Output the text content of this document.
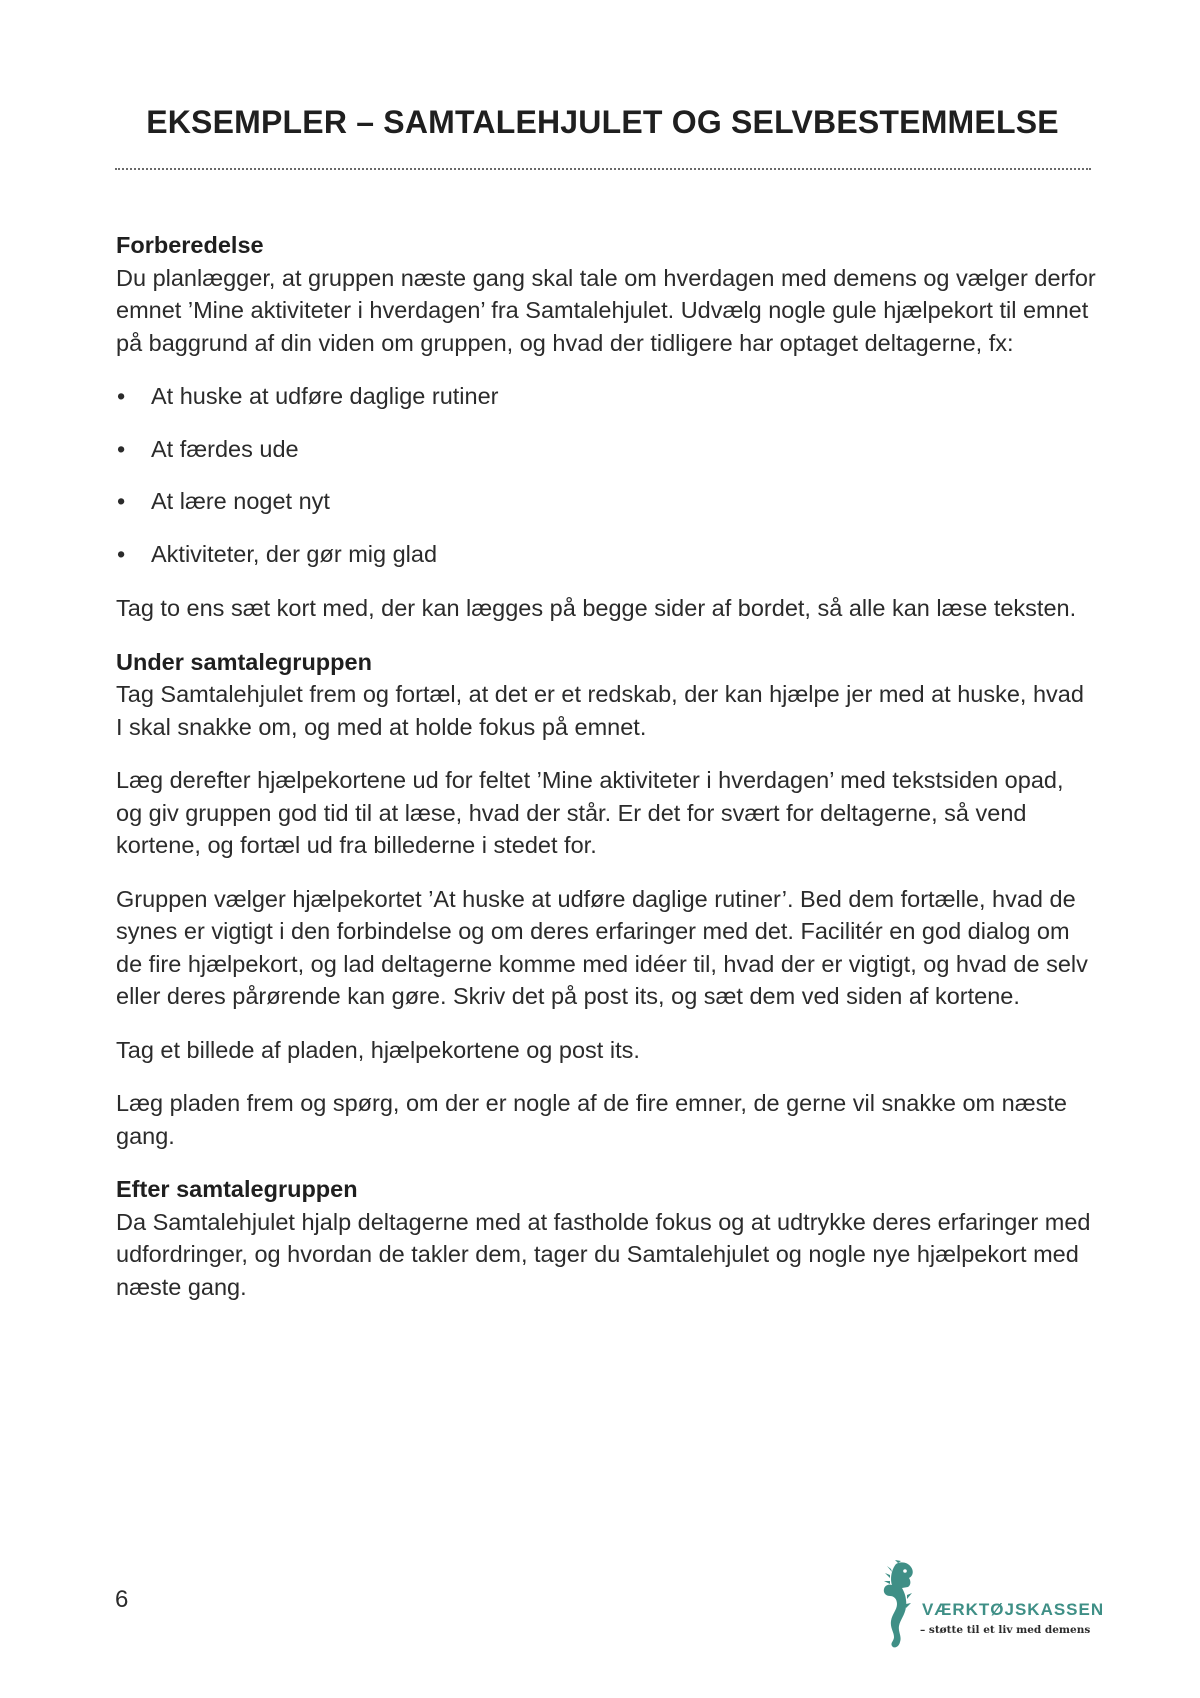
EKSEMPLER – SAMTALEHJULET OG SELVBESTEMMELSE
Forberedelse

Du planlægger, at gruppen næste gang skal tale om hverdagen med demens og vælger derfor emnet ’Mine aktiviteter i hverdagen’ fra Samtalehjulet. Udvælg nogle gule hjælpekort til emnet på baggrund af din viden om gruppen, og hvad der tidligere har optaget deltagerne, fx:

• At huske at udføre daglige rutiner
• At færdes ude
• At lære noget nyt
• Aktiviteter, der gør mig glad

Tag to ens sæt kort med, der kan lægges på begge sider af bordet, så alle kan læse teksten.

Under samtalegruppen

Tag Samtalehjulet frem og fortæl, at det er et redskab, der kan hjælpe jer med at huske, hvad I skal snakke om, og med at holde fokus på emnet.

Læg derefter hjælpekortene ud for feltet ’Mine aktiviteter i hverdagen’ med tekstsiden opad, og giv gruppen god tid til at læse, hvad der står. Er det for svært for deltagerne, så vend kortene, og fortæl ud fra billederne i stedet for.

Gruppen vælger hjælpekortet ’At huske at udføre daglige rutiner’. Bed dem fortælle, hvad de synes er vigtigt i den forbindelse og om deres erfaringer med det. Facilitér en god dialog om de fire hjælpekort, og lad deltagerne komme med idéer til, hvad der er vigtigt, og hvad de selv eller deres pårørende kan gøre. Skriv det på post its, og sæt dem ved siden af kortene.

Tag et billede af pladen, hjælpekortene og post its.

Læg pladen frem og spørg, om der er nogle af de fire emner, de gerne vil snakke om næste gang.

Efter samtalegruppen

Da Samtalehjulet hjalp deltagerne med at fastholde fokus og at udtrykke deres erfaringer med udfordringer, og hvordan de takler dem, tager du Samtalehjulet og nogle nye hjælpekort med næste gang.

6	VÆRKTØJSKASSEN
– støtte til et liv med demens
